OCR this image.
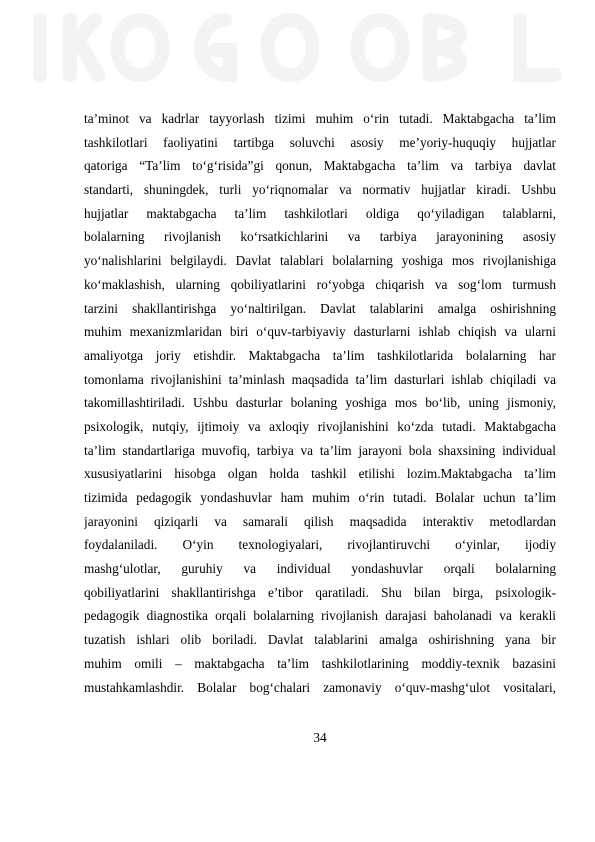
ta’minot va kadrlar tayyorlash tizimi muhim o‘rin tutadi. Maktabgacha ta’lim
tashkilotlari faoliyatini tartibga soluvchi asosiy me’yoriy-huquqiy hujjatlar
qatoriga “Ta’lim to‘g‘risida”gi qonun, Maktabgacha ta’lim va tarbiya davlat
standarti, shuningdek, turli yo‘riqnomalar va normativ hujjatlar kiradi. Ushbu
hujjatlar maktabgacha ta’lim tashkilotlari oldiga qo‘yiladigan talablarni,
bolalarning rivojlanish ko‘rsatkichlarini va tarbiya jarayonining asosiy
yo‘nalishlarini belgilaydi. Davlat talablari bolalarning yoshiga mos rivojlanishiga
ko‘maklashish, ularning qobiliyatlarini ro‘yobga chiqarish va sog‘lom turmush
tarzini shakllantirishga yo‘naltirilgan. Davlat talablarini amalga oshirishning
muhim mexanizmlaridan biri o‘quv-tarbiyaviy dasturlarni ishlab chiqish va ularni
amaliyotga joriy etishdir. Maktabgacha ta’lim tashkilotlarida bolalarning har
tomonlama rivojlanishini ta’minlash maqsadida ta’lim dasturlari ishlab chiqiladi va
takomillashtiriladi. Ushbu dasturlar bolaning yoshiga mos bo‘lib, uning jismoniy,
psixologik, nutqiy, ijtimoiy va axloqiy rivojlanishini ko‘zda tutadi. Maktabgacha
ta’lim standartlariga muvofiq, tarbiya va ta’lim jarayoni bola shaxsining individual
xususiyatlarini hisobga olgan holda tashkil etilishi lozim.Maktabgacha ta’lim
tizimida pedagogik yondashuvlar ham muhim o‘rin tutadi. Bolalar uchun ta’lim
jarayonini qiziqarli va samarali qilish maqsadida interaktiv metodlardan
foydalaniladi. O‘yin texnologiyalari, rivojlantiruvchi o‘yinlar, ijodiy
mashg‘ulotlar, guruhiy va individual yondashuvlar orqali bolalarning
qobiliyatlarini shakllantirishga e’tibor qaratiladi. Shu bilan birga, psixologik-
pedagogik diagnostika orqali bolalarning rivojlanish darajasi baholanadi va kerakli
tuzatish ishlari olib boriladi. Davlat talablarini amalga oshirishning yana bir
muhim omili – maktabgacha ta’lim tashkilotlarining moddiy-texnik bazasini
mustahkamlashdir. Bolalar bog‘chalari zamonaviy o‘quv-mashg‘ulot vositalari,
34
